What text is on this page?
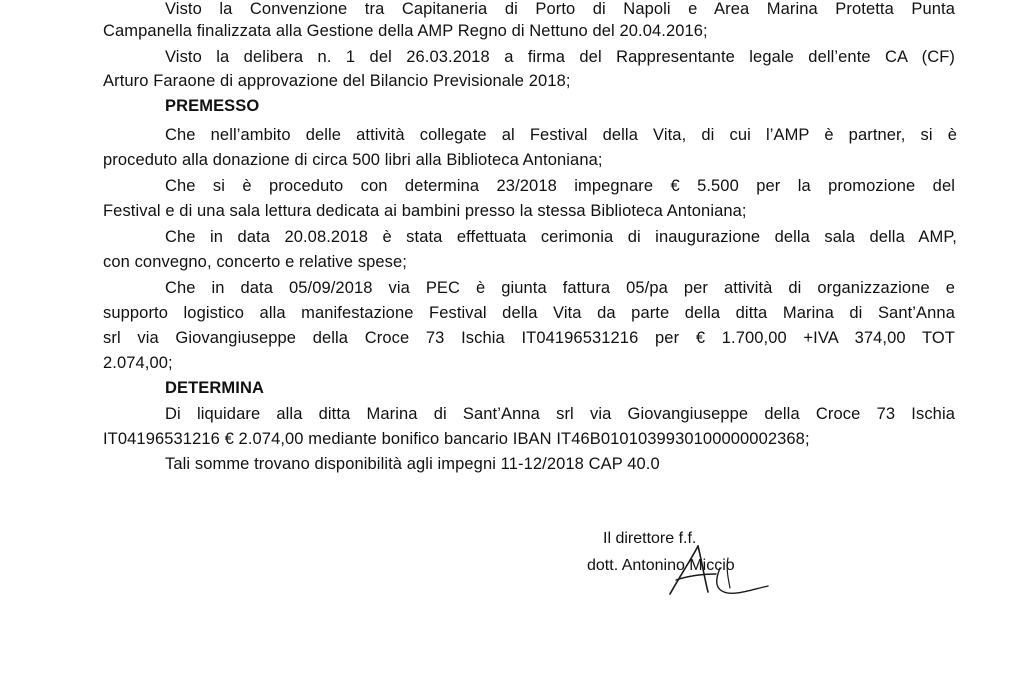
Visto la Convenzione tra Capitaneria di Porto di Napoli e Area Marina Protetta Punta
Campanella finalizzata alla Gestione della AMP Regno di Nettuno del 20.04.2016;
Visto la delibera n. 1 del 26.03.2018 a firma del Rappresentante legale dell’ente CA (CF)
Arturo Faraone di approvazione del Bilancio Previsionale 2018;
PREMESSO
Che nell’ambito delle attività collegate al Festival della Vita, di cui l’AMP è partner, si è
proceduto alla donazione di circa 500 libri alla Biblioteca Antoniana;
Che si è proceduto con determina 23/2018 impegnare € 5.500 per la promozione del
Festival e di una sala lettura dedicata ai bambini presso la stessa Biblioteca Antoniana;
Che in data 20.08.2018 è stata effettuata cerimonia di inaugurazione della sala della AMP,
con convegno, concerto e relative spese;
Che in data 05/09/2018 via PEC è giunta fattura 05/pa per attività di organizzazione e
supporto logistico alla manifestazione Festival della Vita da parte della ditta Marina di Sant’Anna
srl via Giovangiuseppe della Croce 73 Ischia IT04196531216 per € 1.700,00 +IVA 374,00 TOT
2.074,00;
DETERMINA
Di liquidare alla ditta Marina di Sant’Anna srl via Giovangiuseppe della Croce 73 Ischia
IT04196531216 € 2.074,00 mediante bonifico bancario IBAN IT46B0101039930100000002368;
Tali somme trovano disponibilità agli impegni 11-12/2018 CAP 40.0
Il direttore f.f.
dott. Antonino Miccio
